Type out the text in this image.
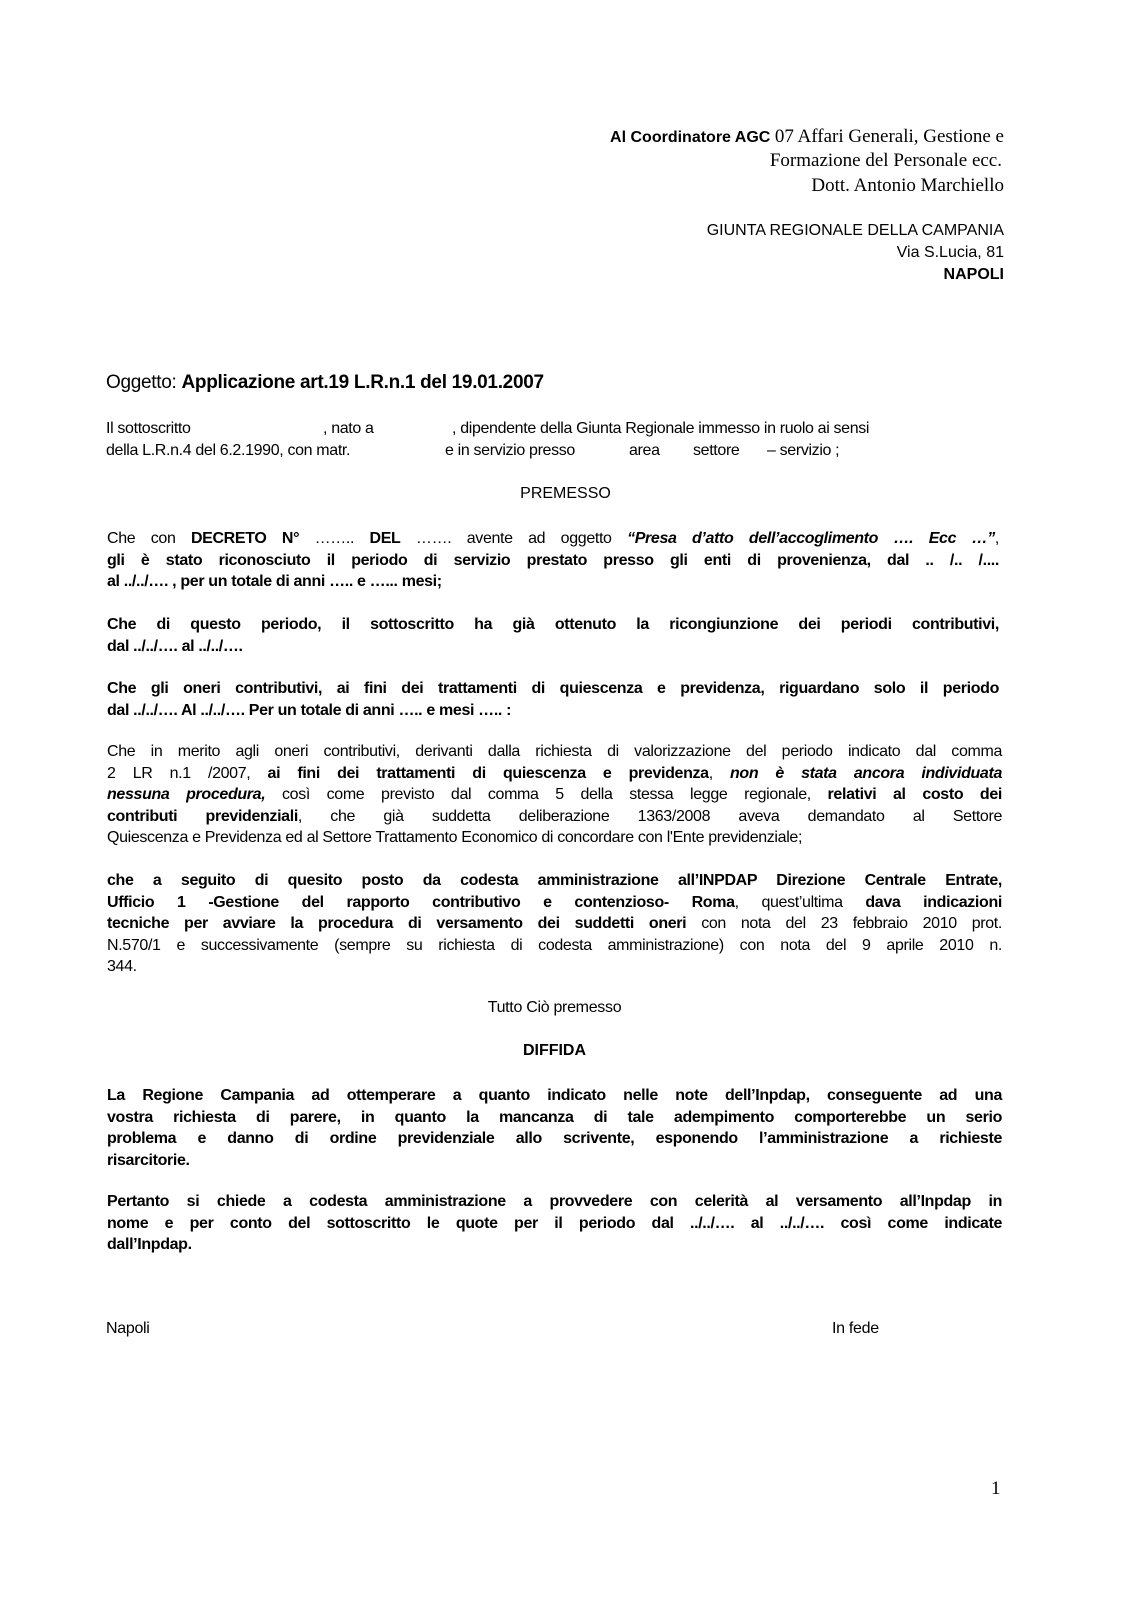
Al Coordinatore AGC 07 Affari Generali, Gestione e
Formazione del Personale ecc.
Dott. Antonio Marchiello
GIUNTA REGIONALE DELLA CAMPANIA
Via S.Lucia, 81
NAPOLI
Oggetto: Applicazione art.19 L.R.n.1 del 19.01.2007
Il sottoscritto	, nato a	, dipendente della Giunta Regionale immesso in ruolo ai sensi
della L.R.n.4 del 6.2.1990, con matr.	e in servizio presso	area settore – servizio ;
PREMESSO
Che con DECRETO N° …….. DEL ……. avente ad oggetto “Presa d’atto dell’accoglimento …. Ecc …”,
gli è stato riconosciuto il periodo di servizio prestato presso gli enti di provenienza, dal .. /.. /....
al ../../…. , per un totale di anni ….. e …... mesi;
Che di questo periodo, il sottoscritto ha già ottenuto la ricongiunzione dei periodi contributivi,
dal ../../…. al ../../….
Che gli oneri contributivi, ai fini dei trattamenti di quiescenza e previdenza, riguardano solo il periodo
dal ../../…. Al ../../…. Per un totale di anni ….. e mesi ….. :
Che in merito agli oneri contributivi, derivanti dalla richiesta di valorizzazione del periodo indicato dal comma
2 LR n.1 /2007, ai fini dei trattamenti di quiescenza e previdenza, non è stata ancora individuata
nessuna procedura, così come previsto dal comma 5 della stessa legge regionale, relativi al costo dei
contributi previdenziali, che già suddetta deliberazione 1363/2008 aveva demandato al Settore
Quiescenza e Previdenza ed al Settore Trattamento Economico di concordare con l'Ente previdenziale;
che a seguito di quesito posto da codesta amministrazione all’INPDAP Direzione Centrale Entrate,
Ufficio 1 -Gestione del rapporto contributivo e contenzioso- Roma, quest’ultima dava indicazioni
tecniche per avviare la procedura di versamento dei suddetti oneri con nota del 23 febbraio 2010 prot.
N.570/1 e successivamente (sempre su richiesta di codesta amministrazione) con nota del 9 aprile 2010 n.
344.
Tutto Ciò premesso
DIFFIDA
La Regione Campania ad ottemperare a quanto indicato nelle note dell’Inpdap, conseguente ad una
vostra richiesta di parere, in quanto la mancanza di tale adempimento comporterebbe un serio
problema e danno di ordine previdenziale allo scrivente, esponendo l’amministrazione a richieste
risarcitorie.
Pertanto si chiede a codesta amministrazione a provvedere con celerità al versamento all’Inpdap in
nome e per conto del sottoscritto le quote per il periodo dal ../../…. al ../../…. così come indicate
dall’Inpdap.
Napoli	In fede
1
